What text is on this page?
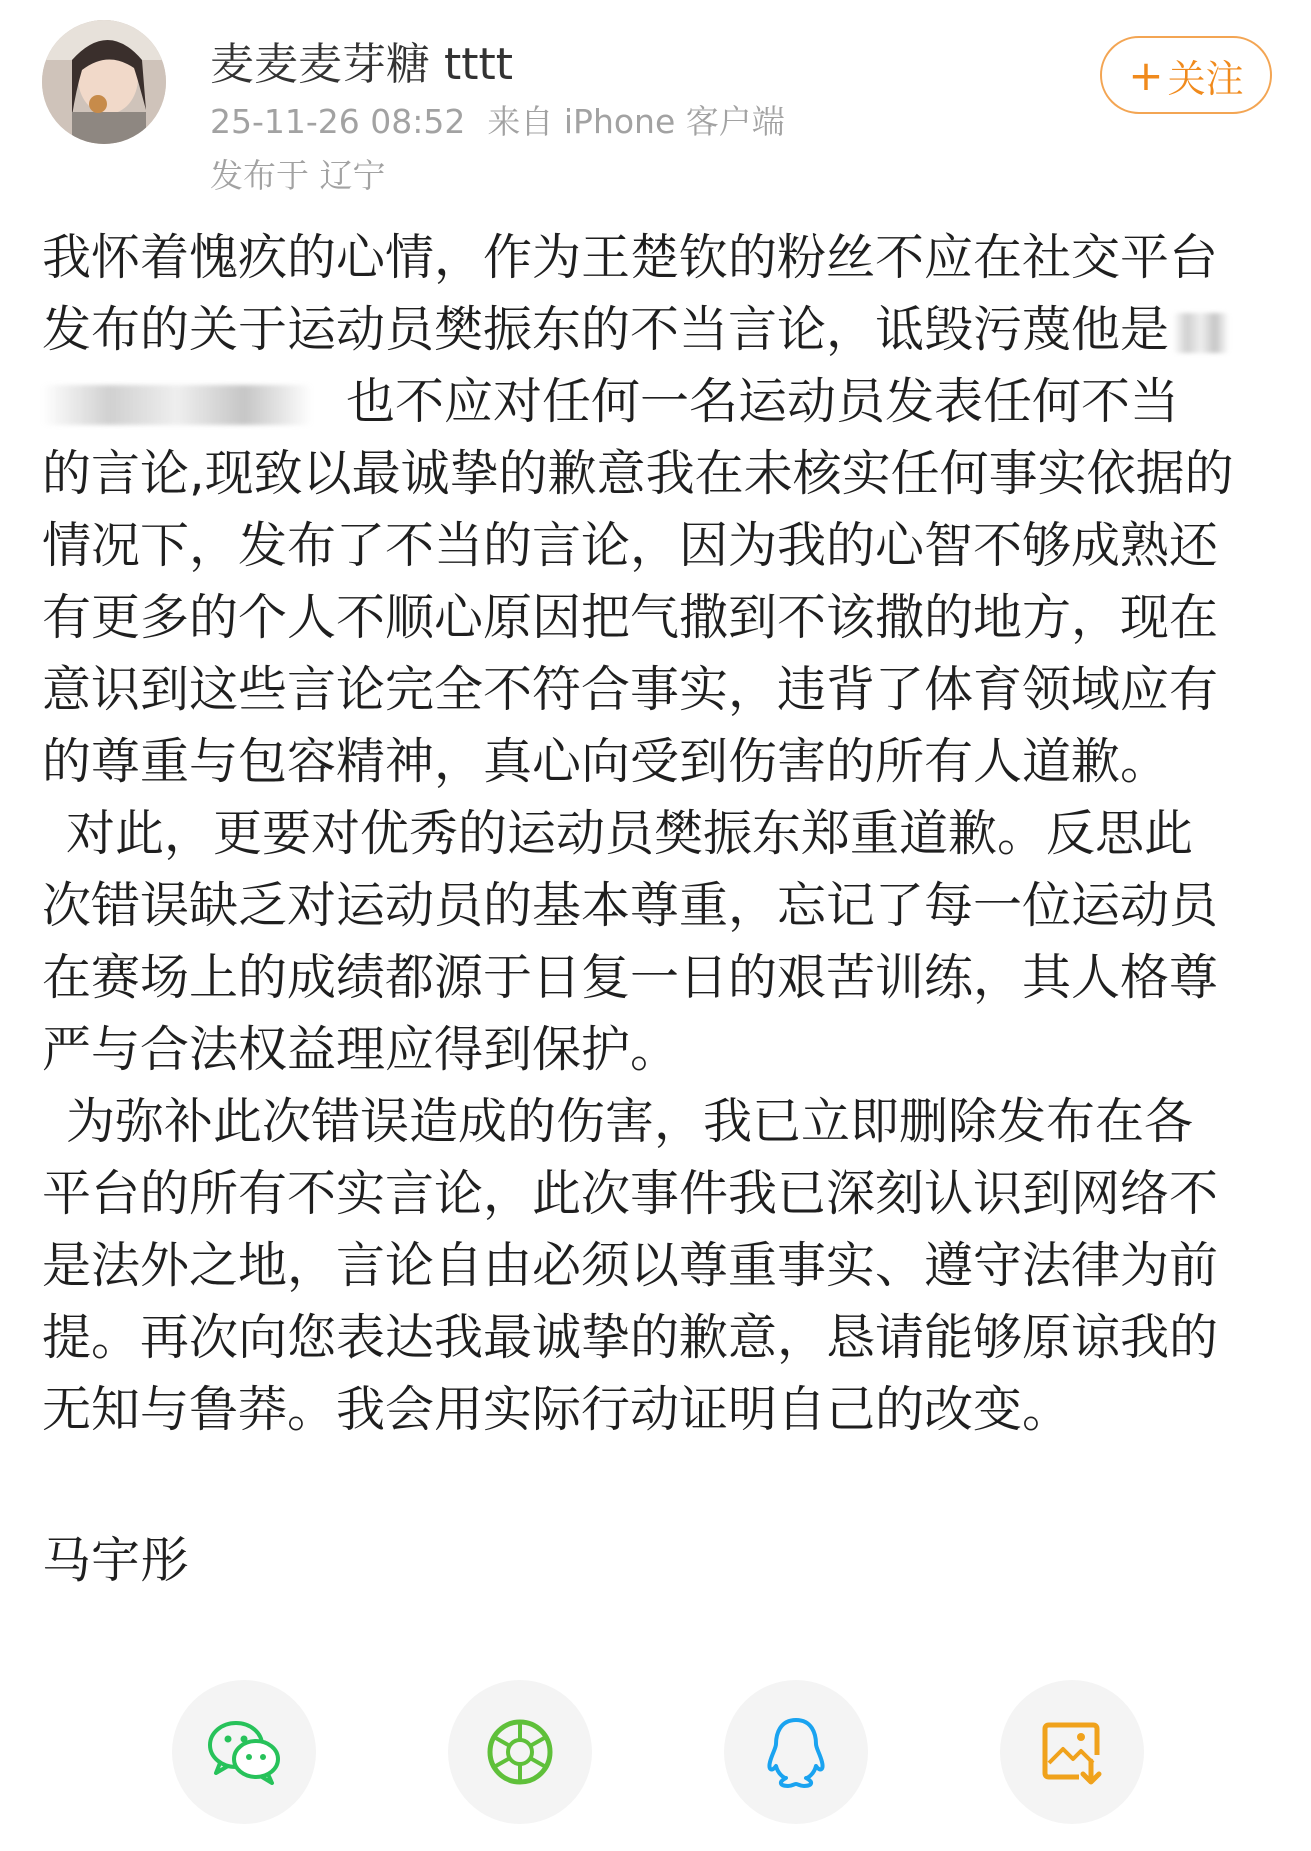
麦麦麦芽糖 tttt
25-11-26 08:52 来自 iPhone 客户端
发布于 辽宁
+ 关注
我怀着愧疚的心情，作为王楚钦的粉丝不应在社交平台
发布的关于运动员樊振东的不当言论，诋毁污蔑他是
也不应对任何一名运动员发表任何不当
的言论,现致以最诚挚的歉意我在未核实任何事实依据的
情况下，发布了不当的言论，因为我的心智不够成熟还
有更多的个人不顺心原因把气撒到不该撒的地方，现在
意识到这些言论完全不符合事实，违背了体育领域应有
的尊重与包容精神，真心向受到伤害的所有人道歉。
对此，更要对优秀的运动员樊振东郑重道歉。反思此
次错误缺乏对运动员的基本尊重，忘记了每一位运动员
在赛场上的成绩都源于日复一日的艰苦训练，其人格尊
严与合法权益理应得到保护。
为弥补此次错误造成的伤害，我已立即删除发布在各
平台的所有不实言论，此次事件我已深刻认识到网络不
是法外之地，言论自由必须以尊重事实、遵守法律为前
提。再次向您表达我最诚挚的歉意，恳请能够原谅我的
无知与鲁莽。我会用实际行动证明自己的改变。
马宇彤
